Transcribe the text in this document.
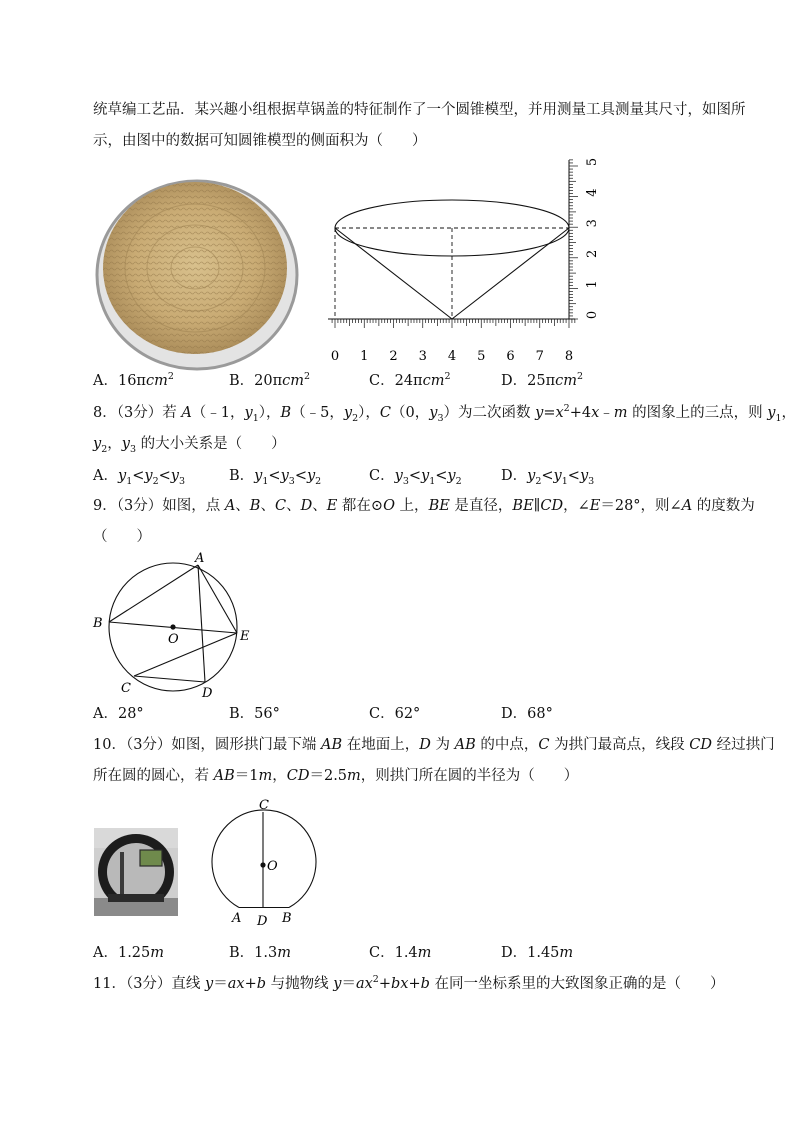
统草编工艺品．某兴趣小组根据草锅盖的特征制作了一个圆锥模型，并用测量工具测量其尺寸，如图所
示，由图中的数据可知圆锥模型的侧面积为（　　）
0 1 2 3 4 5 6 7 8
0
1
2
3
4
5
A．16πcm$^2$	B．20πcm$^2$	C．24πcm$^2$	D．25πcm$^2$
8．（3分）若 A（﹣1，$y_1$），B（﹣5，$y_2$），C（0，$y_3$）为二次函数 $y=x^2+4x﹣m$ 的图象上的三点，则 $y_1$，
$y_2$，$y_3$ 的大小关系是（　　）
A．$y_1<y_2<y_3$	B．$y_1<y_3<y_2$	C．$y_3<y_1<y_2$	D．$y_2<y_1<y_3$
9．（3分）如图，点 A、B、C、D、E 都在⊙O 上，BE 是直径，BE∥CD，∠E＝28°，则∠A 的度数为
（　　）
A
B
O	E
C	D
A．28°	B．56°	C．62°	D．68°
10．（3分）如图，圆形拱门最下端 AB 在地面上，D 为 AB 的中点，C 为拱门最高点，线段 CD 经过拱门
所在圆的圆心，若 AB＝1m，CD＝2.5m，则拱门所在圆的半径为（　　）
C
O
A D B
A．1.25m	B．1.3m	C．1.4m	D．1.45m
11．（3分）直线 y＝ax+b 与抛物线 $y=ax^2+bx+b$ 在同一坐标系里的大致图象正确的是（　　）
